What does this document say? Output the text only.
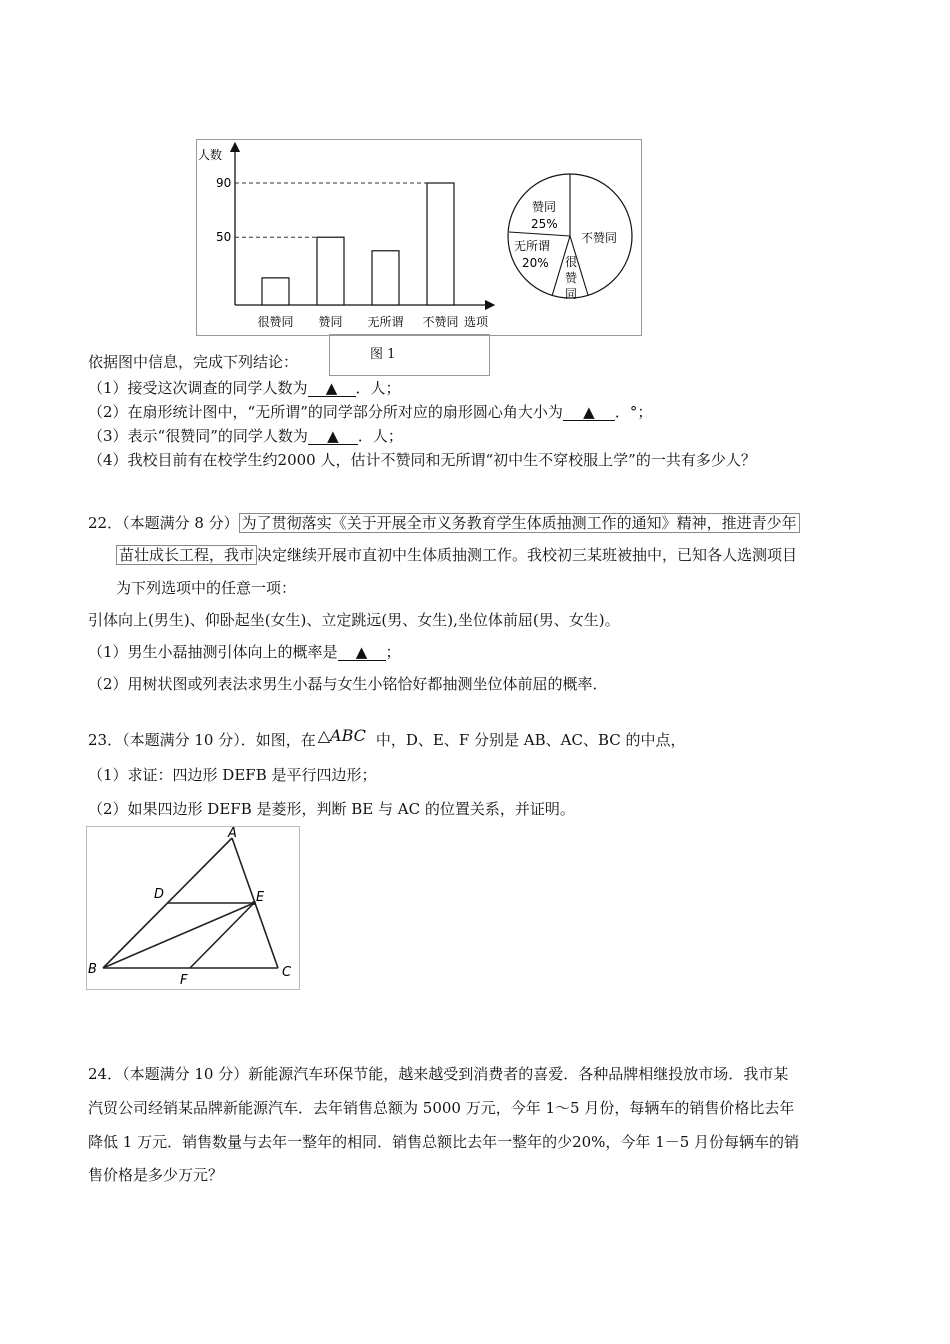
图 1
人数
选项
90
50
很赞同 赞同 无所谓 不赞同
赞同
25%
无所谓
20%
不赞同
很
赞
同
依据图中信息，完成下列结论：
（1）接受这次调查的同学人数为 ▲ ．人；
（2）在扇形统计图中，“无所谓”的同学部分所对应的扇形圆心角大小为 ▲ ．°；
（3）表示“很赞同”的同学人数为 ▲ ．人；
（4）我校目前有在校学生约2000 人，估计不赞同和无所谓“初中生不穿校服上学”的一共有多少人？
22．（本题满分 8 分） 为了贯彻落实《关于开展全市义务教育学生体质抽测工作的通知》精神，推进青少年
苗壮成长工程，我市 决定继续开展市直初中生体质抽测工作。我校初三某班被抽中，已知各人选测项目
为下列选项中的任意一项：
引体向上(男生)、仰卧起坐(女生)、立定跳远(男、女生),坐位体前屈(男、女生)。
（1）男生小磊抽测引体向上的概率是 ▲ ；
（2）用树状图或列表法求男生小磊与女生小铭恰好都抽测坐位体前屈的概率．
23．（本题满分 10 分）．如图，在 △ABC 中，D、E、F 分别是 AB、AC、BC 的中点，
（1）求证：四边形 DEFB 是平行四边形；
（2）如果四边形 DEFB 是菱形，判断 BE 与 AC 的位置关系，并证明。
A
D	E
B
F
C
24．（本题满分 10 分）新能源汽车环保节能，越来越受到消费者的喜爱．各种品牌相继投放市场．我市某
汽贸公司经销某品牌新能源汽车．去年销售总额为 5000 万元，今年 1～5 月份，每辆车的销售价格比去年
降低 1 万元．销售数量与去年一整年的相同．销售总额比去年一整年的少20%，今年 1－5 月份每辆车的销
售价格是多少万元？
